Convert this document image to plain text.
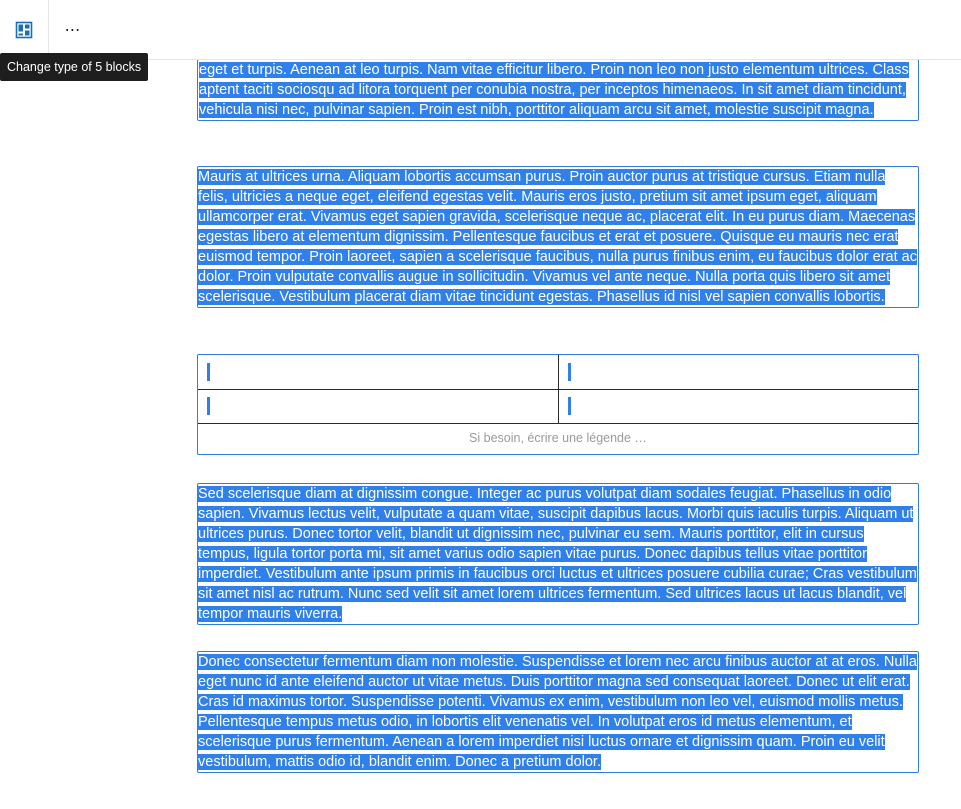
⋯
Change type of 5 blocks	eget et turpis. Aenean at leo turpis. Nam vitae efficitur libero. Proin non leo non justo elementum ultrices. Class aptent taciti sociosqu ad litora torquent per conubia nostra, per inceptos himenaeos. In sit amet diam tincidunt, vehicula nisi nec, pulvinar sapien. Proin est nibh, porttitor aliquam arcu sit amet, molestie suscipit magna.
Mauris at ultrices urna. Aliquam lobortis accumsan purus. Proin auctor purus at tristique cursus. Etiam nulla felis, ultricies a neque eget, eleifend egestas velit. Mauris eros justo, pretium sit amet ipsum eget, aliquam ullamcorper erat. Vivamus eget sapien gravida, scelerisque neque ac, placerat elit. In eu purus diam. Maecenas egestas libero at elementum dignissim. Pellentesque faucibus et erat et posuere. Quisque eu mauris nec erat euismod tempor. Proin laoreet, sapien a scelerisque faucibus, nulla purus finibus enim, eu faucibus dolor erat ac dolor. Proin vulputate convallis augue in sollicitudin. Vivamus vel ante neque. Nulla porta quis libero sit amet scelerisque. Vestibulum placerat diam vitae tincidunt egestas. Phasellus id nisl vel sapien convallis lobortis.

Si besoin, écrire une légende …
Sed scelerisque diam at dignissim congue. Integer ac purus volutpat diam sodales feugiat. Phasellus in odio sapien. Vivamus lectus velit, vulputate a quam vitae, suscipit dapibus lacus. Morbi quis iaculis turpis. Aliquam ut ultrices purus. Donec tortor velit, blandit ut dignissim nec, pulvinar eu sem. Mauris porttitor, elit in cursus tempus, ligula tortor porta mi, sit amet varius odio sapien vitae purus. Donec dapibus tellus vitae porttitor imperdiet. Vestibulum ante ipsum primis in faucibus orci luctus et ultrices posuere cubilia curae; Cras vestibulum sit amet nisl ac rutrum. Nunc sed velit sit amet lorem ultrices fermentum. Sed ultrices lacus ut lacus blandit, vel tempor mauris viverra.
Donec consectetur fermentum diam non molestie. Suspendisse et lorem nec arcu finibus auctor at at eros. Nulla eget nunc id ante eleifend auctor ut vitae metus. Duis porttitor magna sed consequat laoreet. Donec ut elit erat. Cras id maximus tortor. Suspendisse potenti. Vivamus ex enim, vestibulum non leo vel, euismod mollis metus. Pellentesque tempus metus odio, in lobortis elit venenatis vel. In volutpat eros id metus elementum, et scelerisque purus fermentum. Aenean a lorem imperdiet nisi luctus ornare et dignissim quam. Proin eu velit vestibulum, mattis odio id, blandit enim. Donec a pretium dolor.
